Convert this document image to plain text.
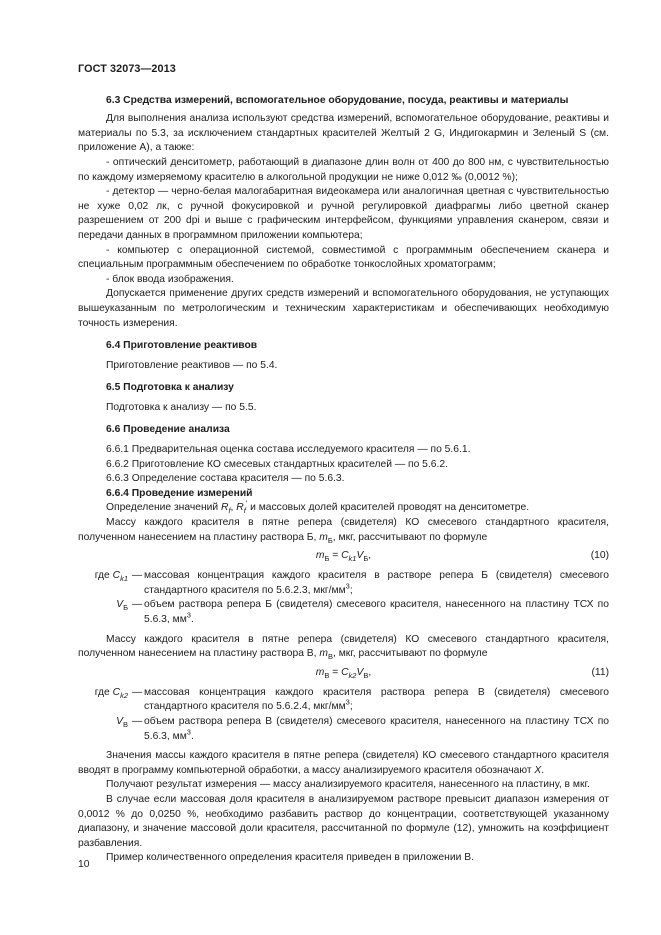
ГОСТ 32073—2013
6.3 Средства измерений, вспомогательное оборудование, посуда, реактивы и материалы

Для выполнения анализа используют средства измерений, вспомогательное оборудование, реактивы и материалы по 5.3, за исключением стандартных красителей Желтый 2 G, Индигокармин и Зеленый S (см. приложение А), а также:

- оптический денситометр, работающий в диапазоне длин волн от 400 до 800 нм, с чувствительностью по каждому измеряемому красителю в алкогольной продукции не ниже 0,012 ‰ (0,0012 %);

- детектор — черно-белая малогабаритная видеокамера или аналогичная цветная с чувствительностью не хуже 0,02 лк, с ручной фокусировкой и ручной регулировкой диафрагмы либо цветной сканер разрешением от 200 dpi и выше с графическим интерфейсом, функциями управления сканером, связи и передачи данных в программном приложении компьютера;

- компьютер с операционной системой, совместимой с программным обеспечением сканера и специальным программным обеспечением по обработке тонкослойных хроматограмм;

- блок ввода изображения.

Допускается применение других средств измерений и вспомогательного оборудования, не уступающих вышеуказанным по метрологическим и техническим характеристикам и обеспечивающих необходимую точность измерения.

6.4 Приготовление реактивов

Приготовление реактивов — по 5.4.

6.5 Подготовка к анализу

Подготовка к анализу — по 5.5.

6.6 Проведение анализа

6.6.1 Предварительная оценка состава исследуемого красителя — по 5.6.1.

6.6.2 Приготовление КО смесевых стандартных красителей — по 5.6.2.

6.6.3 Определение состава красителя — по 5.6.3.

6.6.4 Проведение измерений

Определение значений $R_f$, $R_f'$ и массовых долей красителей проводят на денситометре.

Массу каждого красителя в пятне репера (свидетеля) КО смесевого стандартного красителя, полученном нанесением на пластину раствора Б, $m_Б$, мкг, рассчитывают по формуле

$m_Б = C_{k1}V_Б$,	(10)
где $C_{k1}$ — массовая концентрация каждого красителя в растворе репера Б (свидетеля) смесевого стандартного красителя по 5.6.2.3, мкг/$мм^3$;
$V_Б$ — объем раствора репера Б (свидетеля) смесевого красителя, нанесенного на пластину ТСХ по 5.6.3, $мм^3$.

Массу каждого красителя в пятне репера (свидетеля) КО смесевого стандартного красителя, полученном нанесением на пластину раствора В, $m_В$, мкг, рассчитывают по формуле

$m_В = C_{k2}V_В$,	(11)
где $C_{k2}$ — массовая концентрация каждого красителя раствора репера В (свидетеля) смесевого стандартного красителя по 5.6.2.4, мкг/$мм^3$;
$V_В$ — объем раствора репера В (свидетеля) смесевого красителя, нанесенного на пластину ТСХ по 5.6.3, $мм^3$.

Значения массы каждого красителя в пятне репера (свидетеля) КО смесевого стандартного красителя вводят в программу компьютерной обработки, а массу анализируемого красителя обозначают X.

Получают результат измерения — массу анализируемого красителя, нанесенного на пластину, в мкг.

В случае если массовая доля красителя в анализируемом растворе превысит диапазон измерения от 0,0012 % до 0,0250 %, необходимо разбавить раствор до концентрации, соответствующей указанному диапазону, и значение массовой доли красителя, рассчитанной по формуле (12), умножить на коэффициент разбавления.

Пример количественного определения красителя приведен в приложении В.

10
